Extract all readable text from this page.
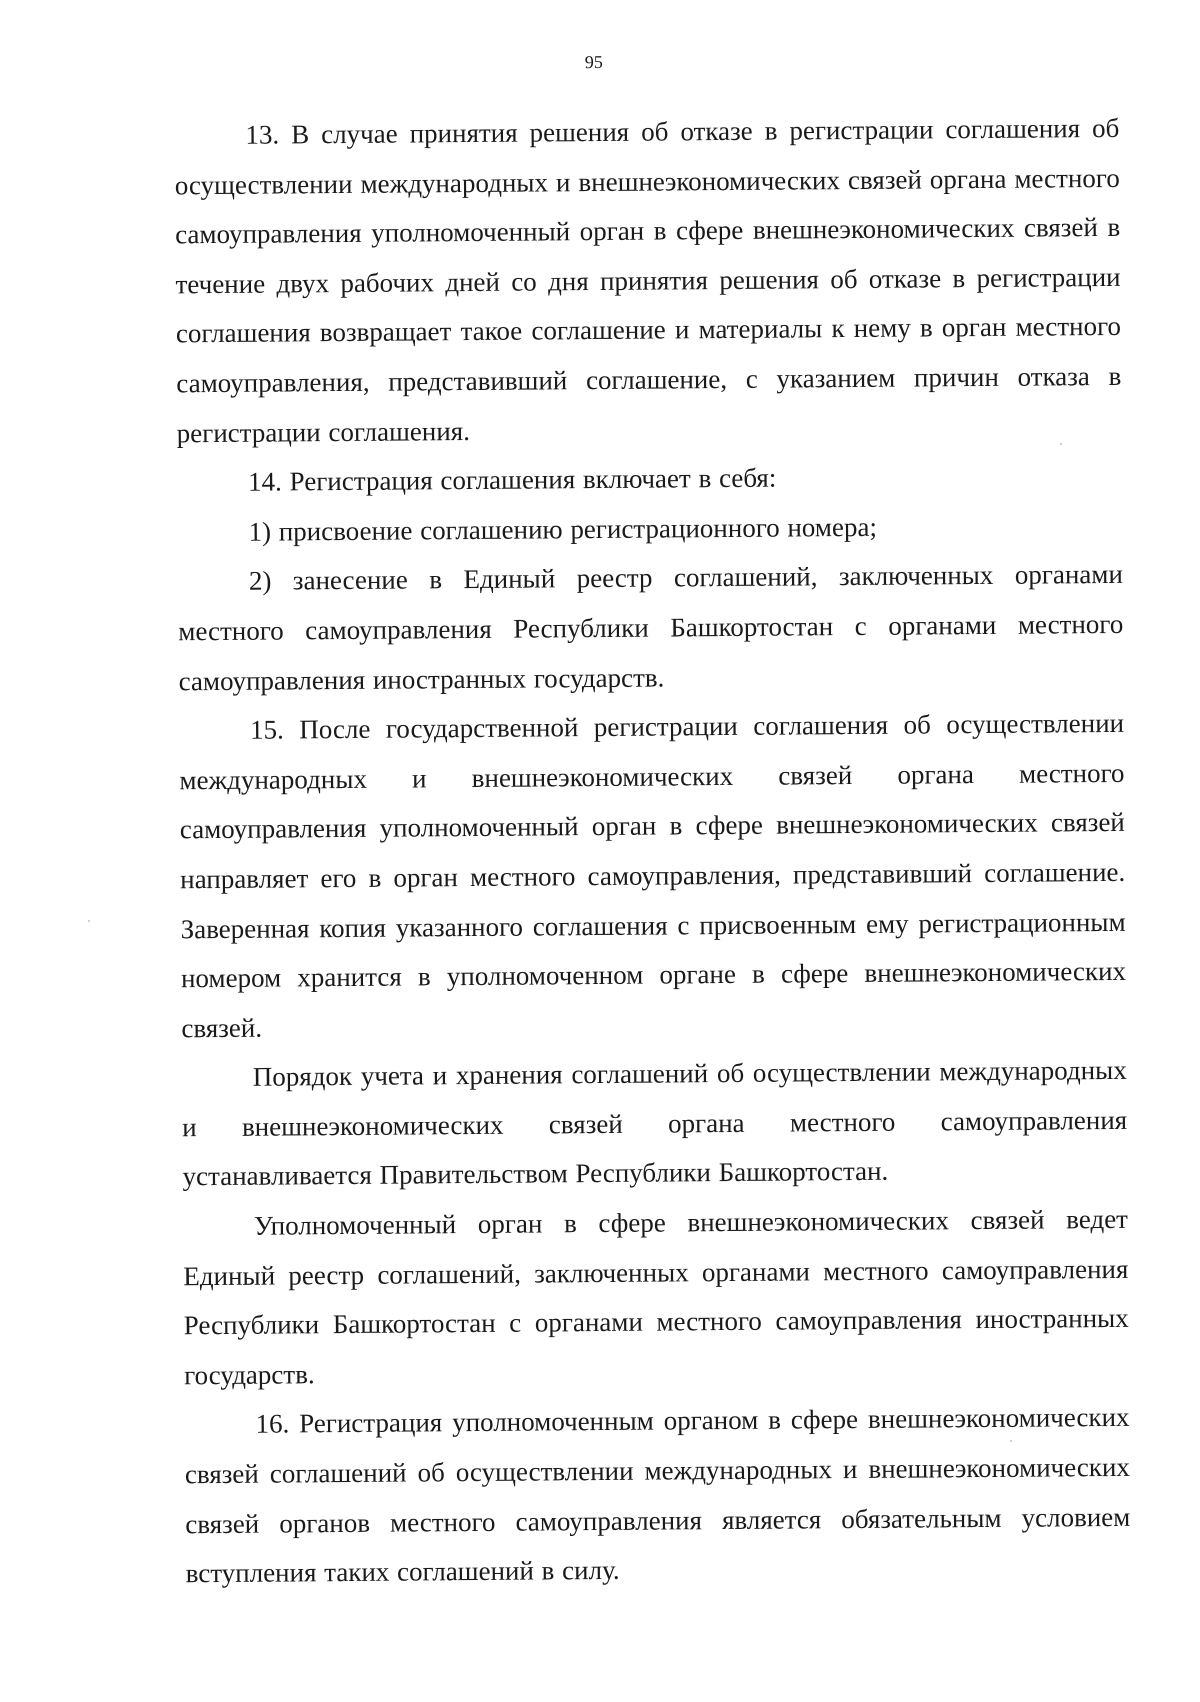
95

13. В случае принятия решения об отказе в регистрации соглашения об осуществлении международных и внешнеэкономических связей органа местного самоуправления уполномоченный орган в сфере внешнеэкономических связей в течение двух рабочих дней со дня принятия решения об отказе в регистрации соглашения возвращает такое соглашение и материалы к нему в орган местного самоуправления, представивший соглашение, с указанием причин отказа в регистрации соглашения.

14. Регистрация соглашения включает в себя:

1) присвоение соглашению регистрационного номера;

2) занесение в Единый реестр соглашений, заключенных органами местного самоуправления Республики Башкортостан с органами местного самоуправления иностранных государств.

15. После государственной регистрации соглашения об осуществлении международных и внешнеэкономических связей органа местного самоуправления уполномоченный орган в сфере внешнеэкономических связей направляет его в орган местного самоуправления, представивший соглашение. Заверенная копия указанного соглашения с присвоенным ему регистрационным номером хранится в уполномоченном органе в сфере внешнеэкономических связей.

Порядок учета и хранения соглашений об осуществлении международных и внешнеэкономических связей органа местного самоуправления устанавливается Правительством Республики Башкортостан.

Уполномоченный орган в сфере внешнеэкономических связей ведет Единый реестр соглашений, заключенных органами местного самоуправления Республики Башкортостан с органами местного самоуправления иностранных государств.

16. Регистрация уполномоченным органом в сфере внешнеэкономических связей соглашений об осуществлении международных и внешнеэкономических связей органов местного самоуправления является обязательным условием вступления таких соглашений в силу.
